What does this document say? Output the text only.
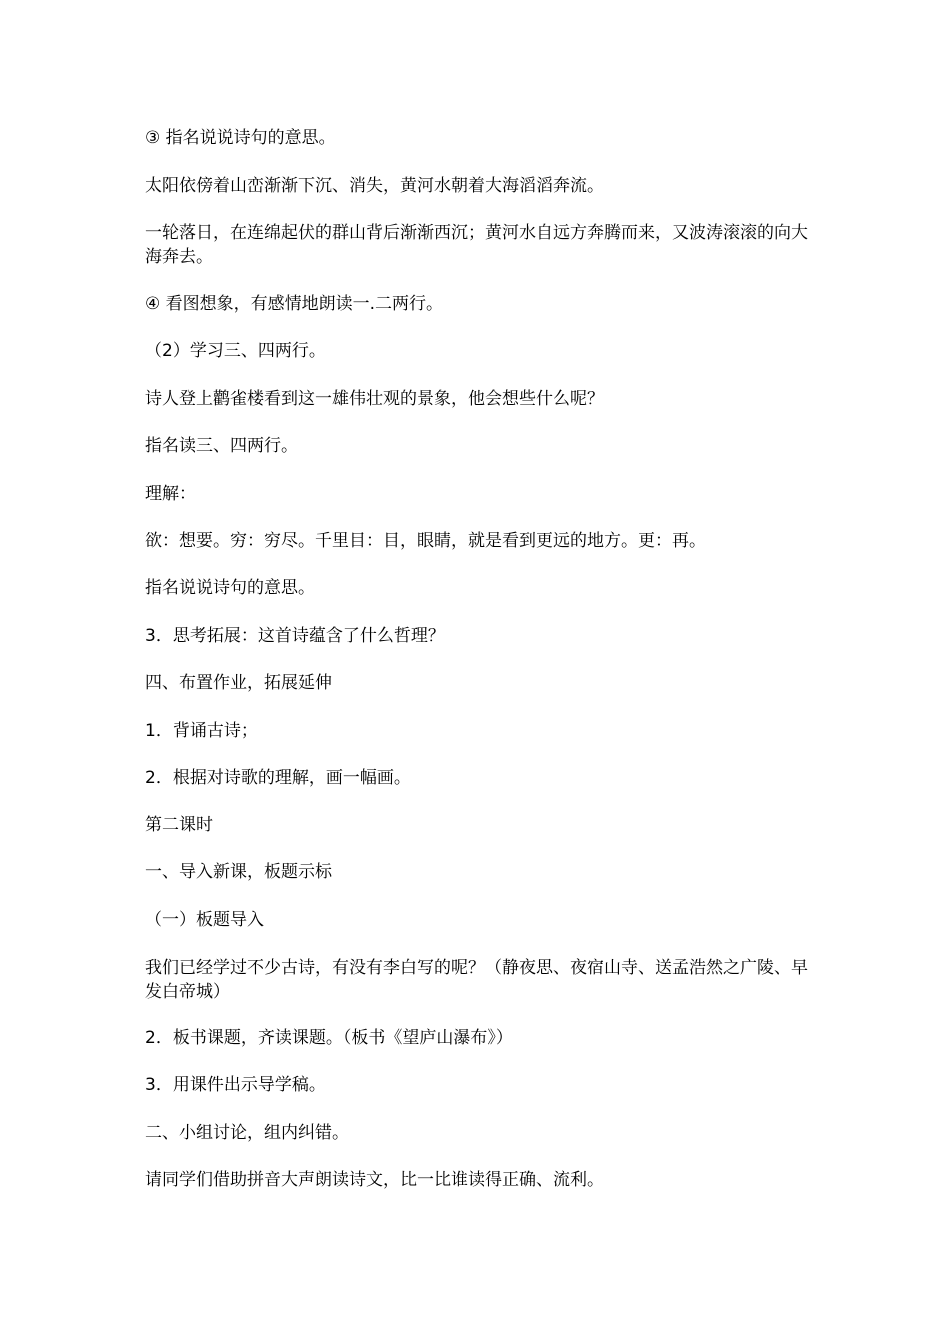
③ 指名说说诗句的意思。

太阳依傍着山峦渐渐下沉、消失，黄河水朝着大海滔滔奔流。

一轮落日，在连绵起伏的群山背后渐渐西沉；黄河水自远方奔腾而来，又波涛滚滚的向大海奔去。

④ 看图想象，有感情地朗读一.二两行。

（2）学习三、四两行。

诗人登上鹳雀楼看到这一雄伟壮观的景象，他会想些什么呢？

指名读三、四两行。

理解：

欲：想要。穷：穷尽。千里目：目，眼睛，就是看到更远的地方。更：再。

指名说说诗句的意思。

3．思考拓展：这首诗蕴含了什么哲理？

四、布置作业，拓展延伸

1．背诵古诗；

2．根据对诗歌的理解，画一幅画。

第二课时

一、导入新课，板题示标

（一）板题导入

我们已经学过不少古诗，有没有李白写的呢？（静夜思、夜宿山寺、送孟浩然之广陵、早发白帝城）

2．板书课题，齐读课题。（板书《望庐山瀑布》）

3．用课件出示导学稿。

二、小组讨论，组内纠错。

请同学们借助拼音大声朗读诗文，比一比谁读得正确、流利。
